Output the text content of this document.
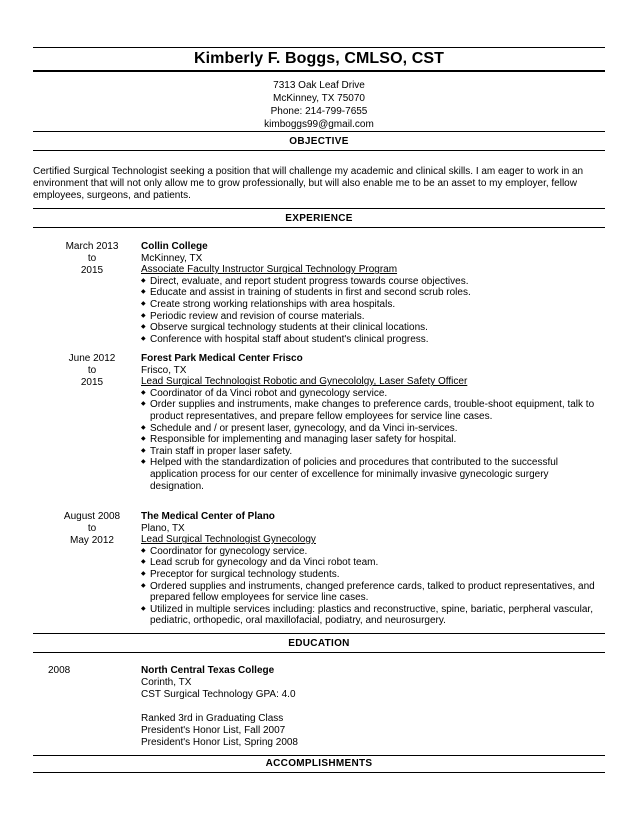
Kimberly F. Boggs, CMLSO, CST
7313 Oak Leaf Drive
McKinney, TX 75070
Phone: 214-799-7655
kimboggs99@gmail.com
OBJECTIVE
Certified Surgical Technologist seeking a position that will challenge my academic and clinical skills. I am eager to work in an environment that will not only allow me to grow professionally, but will also enable me to be an asset to my employer, fellow employees, surgeons, and patients.
EXPERIENCE
March 2013
to
2015
Collin College
McKinney, TX
Associate Faculty Instructor Surgical Technology Program
◆ Direct, evaluate, and report student progress towards course objectives.
◆ Educate and assist in training of students in first and second scrub roles.
◆ Create strong working relationships with area hospitals.
◆ Periodic review and revision of course materials.
◆ Observe surgical technology students at their clinical locations.
◆ Conference with hospital staff about student's clinical progress.
June 2012
to
2015
Forest Park Medical Center Frisco
Frisco, TX
Lead Surgical Technologist Robotic and Gynecololgy, Laser Safety Officer
◆ Coordinator of da Vinci robot and gynecology service.
◆ Order supplies and instruments, make changes to preference cards, trouble-shoot equipment, talk to product representatives, and prepare fellow employees for service line cases.
◆ Schedule and / or present laser, gynecology, and da Vinci in-services.
◆ Responsible for implementing and managing laser safety for hospital.
◆ Train staff in proper laser safety.
◆ Helped with the standardization of policies and procedures that contributed to the successful application process for our center of excellence for minimally invasive gynecologic surgery designation.
August 2008
to
May 2012
The Medical Center of Plano
Plano, TX
Lead Surgical Technologist Gynecology
◆ Coordinator for gynecology service.
◆ Lead scrub for gynecology and da Vinci robot team.
◆ Preceptor for surgical technology students.
◆ Ordered supplies and instruments, changed preference cards, talked to product representatives, and prepared fellow employees for service line cases.
◆ Utilized in multiple services including: plastics and reconstructive, spine, bariatic, perpheral vascular, pediatric, orthopedic, oral maxillofacial, podiatry, and neurosurgery.
EDUCATION
2008	North Central Texas College
Corinth, TX
CST Surgical Technology GPA: 4.0
Ranked 3rd in Graduating Class
President's Honor List, Fall 2007
President's Honor List, Spring 2008
ACCOMPLISHMENTS
